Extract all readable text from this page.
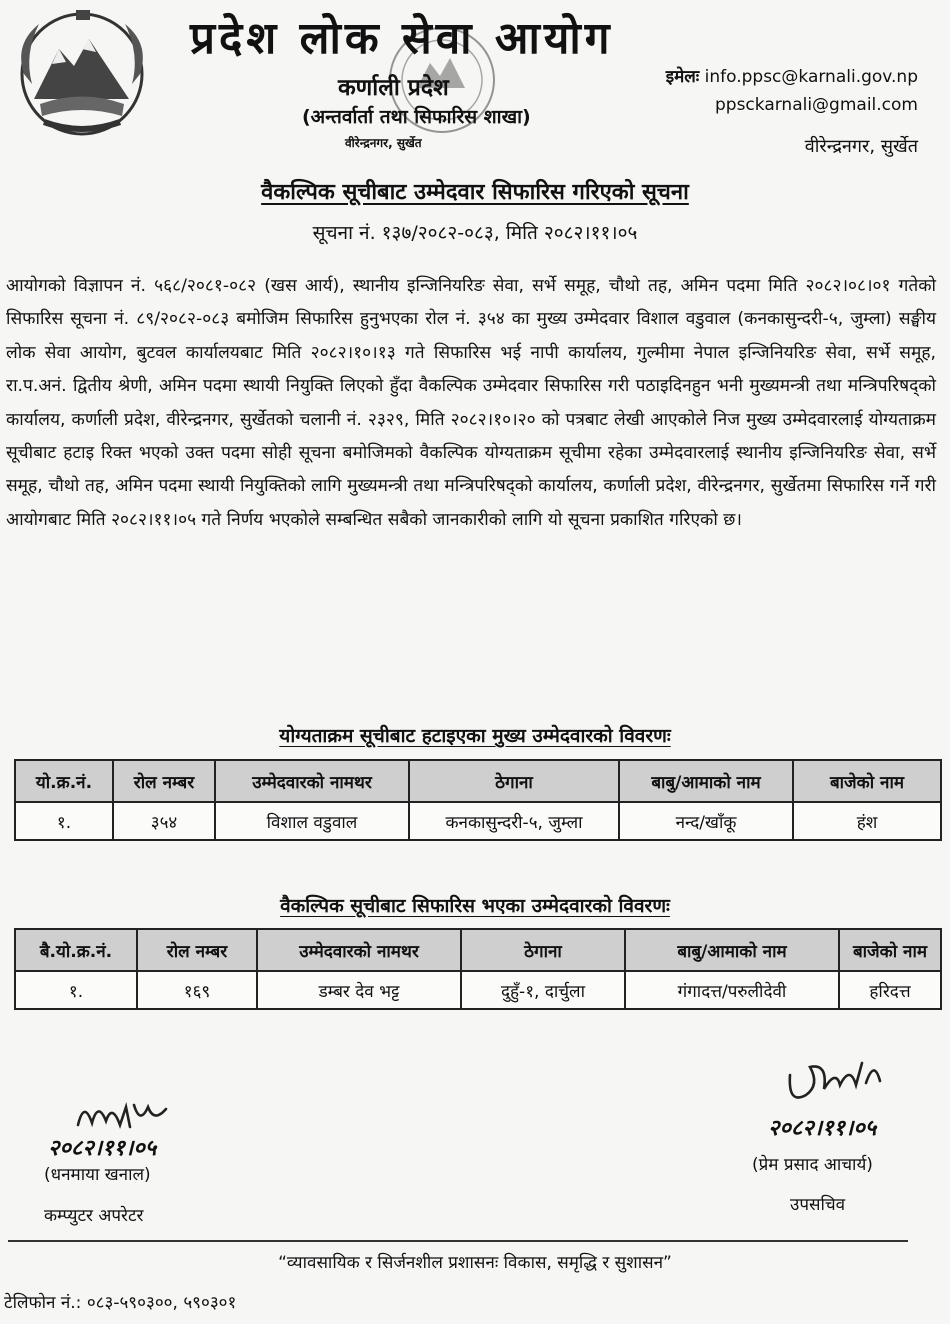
प्रदेश लोक सेवा आयोग
कर्णाली प्रदेश
(अन्तर्वार्ता तथा सिफारिस शाखा)
वीरेन्द्रनगर, सुर्खेत
इमेलः info.ppsc@karnali.gov.np
ppsckarnali@gmail.com
वीरेन्द्रनगर, सुर्खेत
वैकल्पिक सूचीबाट उम्मेदवार सिफारिस गरिएको सूचना
सूचना नं. १३७/२०८२-०८३, मिति २०८२।११।०५
आयोगको विज्ञापन नं. ५६८/२०८१-०८२ (खस आर्य), स्थानीय इन्जिनियरिङ सेवा, सर्भे समूह, चौथो तह, अमिन पदमा मिति २०८२।०८।०१ गतेको सिफारिस सूचना नं. ८९/२०८२-०८३ बमोजिम सिफारिस हुनुभएका रोल नं. ३५४ का मुख्य उम्मेदवार विशाल वडुवाल (कनकासुन्दरी-५, जुम्ला) सङ्घीय लोक सेवा आयोग, बुटवल कार्यालयबाट मिति २०८२।१०।१३ गते सिफारिस भई नापी कार्यालय, गुल्मीमा नेपाल इन्जिनियरिङ सेवा, सर्भे समूह, रा.प.अनं. द्वितीय श्रेणी, अमिन पदमा स्थायी नियुक्ति लिएको हुँदा वैकल्पिक उम्मेदवार सिफारिस गरी पठाइदिनहुन भनी मुख्यमन्त्री तथा मन्त्रिपरिषद्को कार्यालय, कर्णाली प्रदेश, वीरेन्द्रनगर, सुर्खेतको चलानी नं. २३२९, मिति २०८२।१०।२० को पत्रबाट लेखी आएकोले निज मुख्य उम्मेदवारलाई योग्यताक्रम सूचीबाट हटाइ रिक्त भएको उक्त पदमा सोही सूचना बमोजिमको वैकल्पिक योग्यताक्रम सूचीमा रहेका उम्मेदवारलाई स्थानीय इन्जिनियरिङ सेवा, सर्भे समूह, चौथो तह, अमिन पदमा स्थायी नियुक्तिको लागि मुख्यमन्त्री तथा मन्त्रिपरिषद्को कार्यालय, कर्णाली प्रदेश, वीरेन्द्रनगर, सुर्खेतमा सिफारिस गर्ने गरी आयोगबाट मिति २०८२।११।०५ गते निर्णय भएकोले सम्बन्धित सबैको जानकारीको लागि यो सूचना प्रकाशित गरिएको छ।
योग्यताक्रम सूचीबाट हटाइएका मुख्य उम्मेदवारको विवरणः
यो.क्र.नं.	रोल नम्बर	उम्मेदवारको नामथर	ठेगाना	बाबु/आमाको नाम	बाजेको नाम
१.	३५४	विशाल वडुवाल	कनकासुन्दरी-५, जुम्ला	नन्द/खाँकू	हंश
वैकल्पिक सूचीबाट सिफारिस भएका उम्मेदवारको विवरणः
बै.यो.क्र.नं.	रोल नम्बर	उम्मेदवारको नामथर	ठेगाना	बाबु/आमाको नाम	बाजेको नाम
१.	१६९	डम्बर देव भट्ट	दुहुँ-१, दार्चुला	गंगादत्त/परुलीदेवी	हरिदत्त
२०८२।११।०५
(धनमाया खनाल)
कम्प्युटर अपरेटर
२०८२।११।०५
(प्रेम प्रसाद आचार्य)
उपसचिव
“व्यावसायिक र सिर्जनशील प्रशासनः विकास, समृद्धि र सुशासन”
टेलिफोन नं.: ०८३-५९०३००, ५९०३०१
